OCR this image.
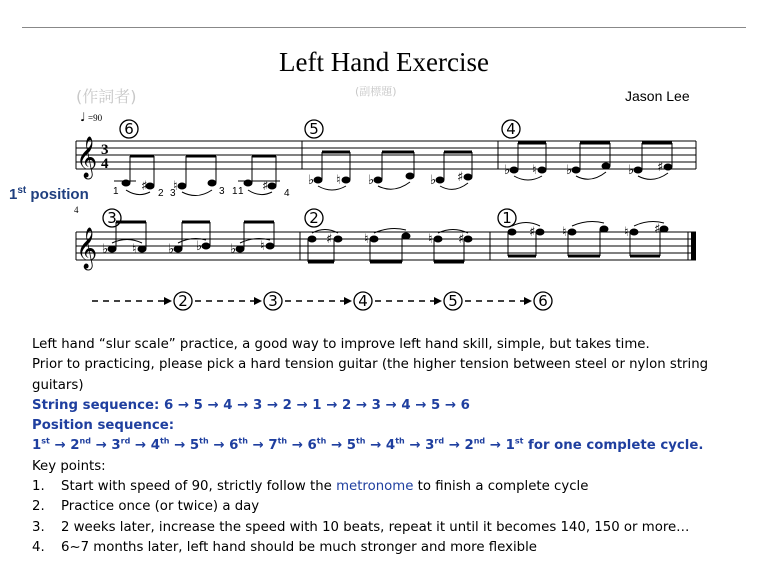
Left Hand Exercise
(作詞者)	(副標題)	Jason Lee
𝄞
𝄞
3
4
♩ =90
4
6	5	4
3	2	1
♯ ♮	♯	♭ ♮ ♭	♭ ♯	♭ ♮ ♭	♭ ♯
1	2 3	1
3 1	4
♭ ♮ ♭ ♭ ♭ ♮	♯ ♮	♮ ♯	♯ ♮	♮ ♯
2	3	4	5	6
1st position

Left hand “slur scale” practice, a good way to improve left hand skill, simple, but takes time.

Prior to practicing, please pick a hard tension guitar (the higher tension between steel or nylon string guitars)

String sequence: 6 → 5 → 4 → 3 → 2 → 1 → 2 → 3 → 4 → 5 → 6

Position sequence:

1st → 2nd → 3rd → 4th → 5th → 6th → 7th → 6th → 5th → 4th → 3rd → 2nd → 1st for one complete cycle.

Key points:

1.	Start with speed of 90, strictly follow the metronome to finish a complete cycle
2.	Practice once (or twice) a day
3.	2 weeks later, increase the speed with 10 beats, repeat it until it becomes 140, 150 or more…
4.	6~7 months later, left hand should be much stronger and more flexible
